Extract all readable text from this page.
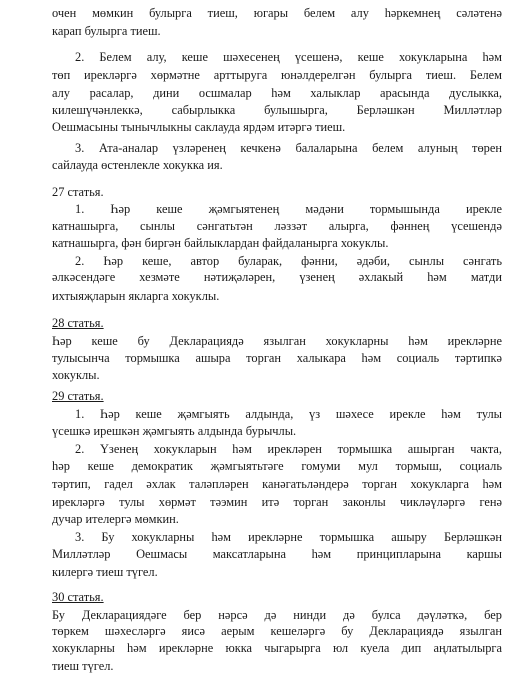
очен мөмкин булырга тиеш, югары белем алу һәркемнең сәләтенә
карап булырга тиеш.
2. Белем алу, кеше шәхесенең үсешенә, кеше хокукларына һәм
төп ирекләргә хөрмәтне арттыруга юнәлдерелгән булырга тиеш. Белем
алу расалар, дини осшмалар һәм халыклар арасында дуслыкка,
килешүчәнлеккә, сабырлыкка булышырга, Берләшкән Милләтләр
Оешмасыны тынычлыкны саклауда ярдәм итәргә тиеш.
3. Ата-аналар үзләренең кечкенә балаларына белем алуның төрен
сайлауда өстенлекле хокукка ия.
27 статья.
1. Һәр кеше җәмгыятенең мәдәни тормышында ирекле
катнашырга, сынлы сәнгатьтән ләззәт алырга, фәннең үсешендә
катнашырга, фән биргән байлыклардан файдаланырга хокуклы.
2. Һәр кеше, автор буларак, фәнни, әдәби, сынлы сәнгать
әлкәсендәге хезмәте нәтиҗәләрен, үзенең әхлакый һәм матди
ихтыяҗларын якларга хокуклы.
28 статья.
Һәр кеше бу Декларациядә язылган хокукларны һәм ирекләрне
тулысынча тормышка ашыра торган халыкара һәм социаль тәртипкә
хокуклы.
29 статья.
1. Һәр кеше җәмгыять алдында, үз шәхесе ирекле һәм тулы
үсешкә ирешкән җәмгыять алдында бурычлы.
2. Үзенең хокукларын һәм ирекләрен тормышка ашырган чакта,
һәр кеше демократик җәмгыятьтәге гомуми мул тормыш, социаль
тәртип, гадел әхлак таләпләрен канәгатьләндерә торган хокукларга һәм
ирекләргә тулы хөрмәт тәэмин итә торган законлы чикләүләргә генә
дучар ителергә мөмкин.
3. Бу хокукларны һәм ирекләрне тормышка ашыру Берләшкән
Милләтләр Оешмасы максатларына һәм принципларына каршы
килергә тиеш түгел.
30 статья.
Бу Декларациядәге бер нәрсә дә нинди дә булса дәүләткә, бер
төркем шәхесләргә яисә аерым кешеләргә бу Декларациядә язылган
хокукларны һәм ирекләрне юкка чыгарырга юл куела дип аңлатылырга
тиеш түгел.
